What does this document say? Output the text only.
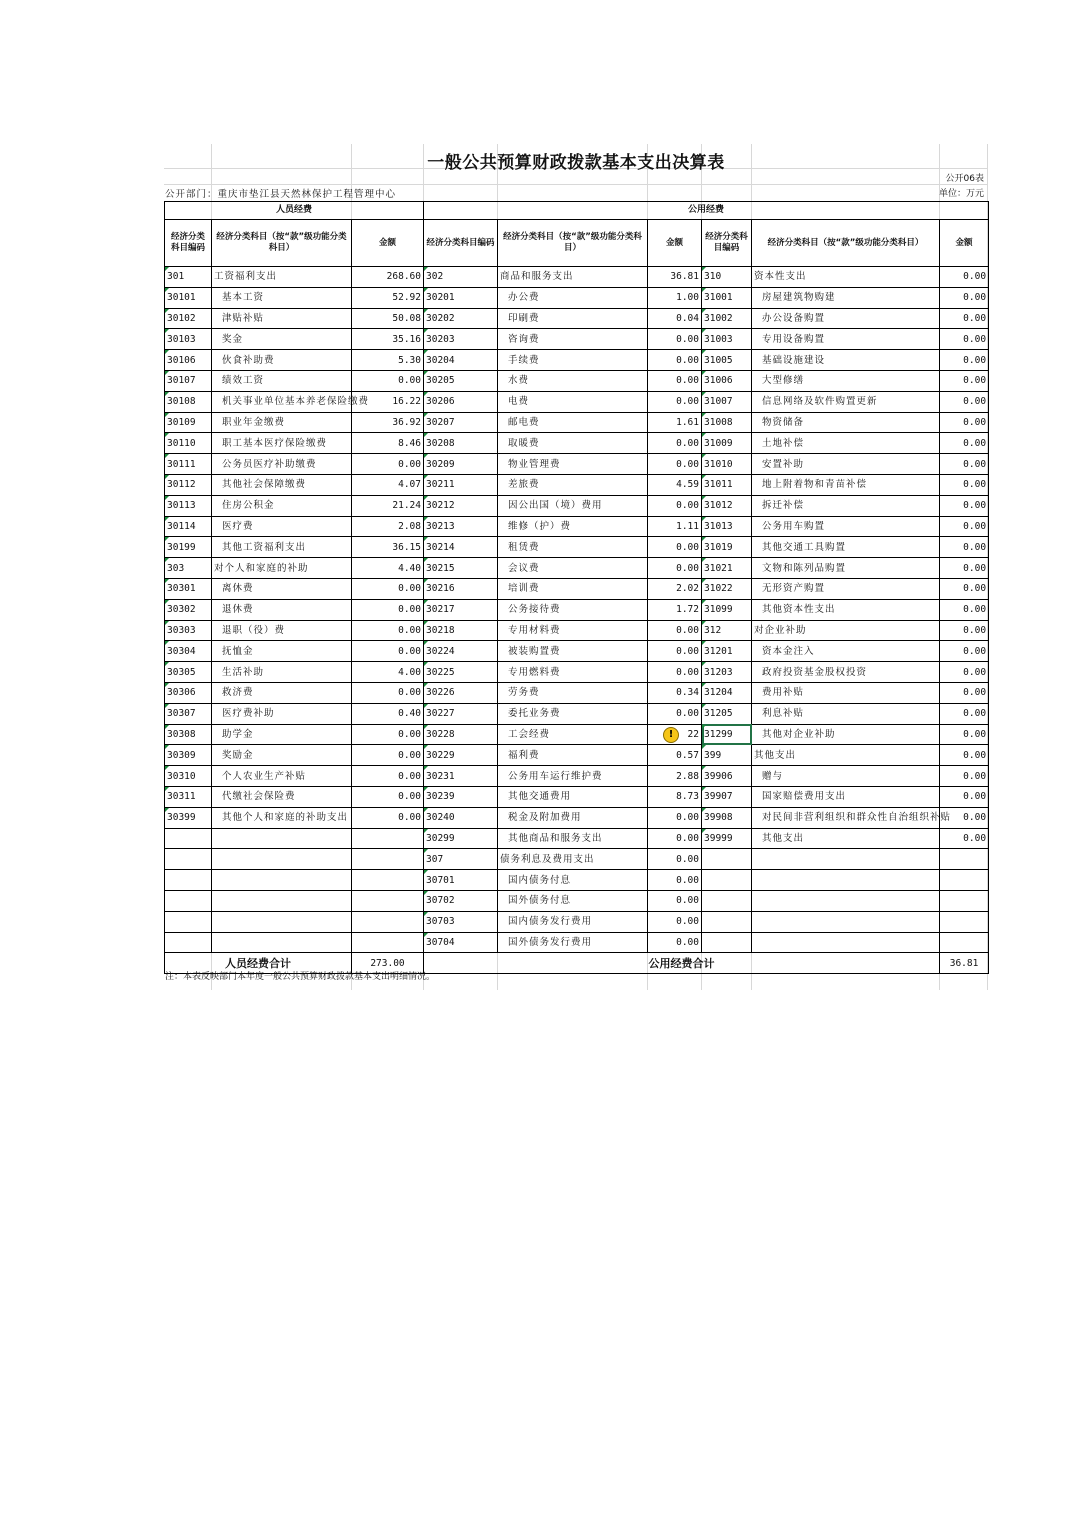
一般公共预算财政拨款基本支出决算表
公开06表
公开部门：重庆市垫江县天然林保护工程管理中心	单位：万元
人员经费			公用经费					
经济分类科目编码	经济分类科目（按“款”级功能分类科目）	金额	经济分类科目编码	经济分类科目（按“款”级功能分类科目）	金额	经济分类科目编码	经济分类科目（按“款”级功能分类科目）	金额
301	工资福利支出	268.60	302	商品和服务支出	36.81	310	资本性支出	0.00
30101	基本工资	52.92	30201	办公费	1.00	31001	房屋建筑物购建	0.00
30102	津贴补贴	50.08	30202	印刷费	0.04	31002	办公设备购置	0.00
30103	奖金	35.16	30203	咨询费	0.00	31003	专用设备购置	0.00
30106	伙食补助费	5.30	30204	手续费	0.00	31005	基础设施建设	0.00
30107	绩效工资	0.00	30205	水费	0.00	31006	大型修缮	0.00
30108	机关事业单位基本养老保险缴费	16.22	30206	电费	0.00	31007	信息网络及软件购置更新	0.00
30109	职业年金缴费	36.92	30207	邮电费	1.61	31008	物资储备	0.00
30110	职工基本医疗保险缴费	8.46	30208	取暖费	0.00	31009	土地补偿	0.00
30111	公务员医疗补助缴费	0.00	30209	物业管理费	0.00	31010	安置补助	0.00
30112	其他社会保障缴费	4.07	30211	差旅费	4.59	31011	地上附着物和青苗补偿	0.00
30113	住房公积金	21.24	30212	因公出国（境）费用	0.00	31012	拆迁补偿	0.00
30114	医疗费	2.08	30213	维修（护）费	1.11	31013	公务用车购置	0.00
30199	其他工资福利支出	36.15	30214	租赁费	0.00	31019	其他交通工具购置	0.00
303	对个人和家庭的补助	4.40	30215	会议费	0.00	31021	文物和陈列品购置	0.00
30301	离休费	0.00	30216	培训费	2.02	31022	无形资产购置	0.00
30302	退休费	0.00	30217	公务接待费	1.72	31099	其他资本性支出	0.00
30303	退职（役）费	0.00	30218	专用材料费	0.00	312	对企业补助	0.00
30304	抚恤金	0.00	30224	被装购置费	0.00	31201	资本金注入	0.00
30305	生活补助	4.00	30225	专用燃料费	0.00	31203	政府投资基金股权投资	0.00
30306	救济费	0.00	30226	劳务费	0.34	31204	费用补贴	0.00
30307	医疗费补助	0.40	30227	委托业务费	0.00	31205	利息补贴	0.00
30308	助学金	0.00	30228	工会经费	22	! 31299	其他对企业补助	0.00
30309	奖励金	0.00	30229	福利费	0.57	399	其他支出	0.00
30310	个人农业生产补贴	0.00	30231	公务用车运行维护费	2.88	39906	赠与	0.00
30311	代缴社会保险费	0.00	30239	其他交通费用	8.73	39907	国家赔偿费用支出	0.00
30399	其他个人和家庭的补助支出	0.00	30240	税金及附加费用	0.00	39908	对民间非营利组织和群众性自治组织补贴	0.00
			30299	其他商品和服务支出	0.00	39999	其他支出	0.00
			307	债务利息及费用支出	0.00			
			30701	国内债务付息	0.00			
			30702	国外债务付息	0.00			
			30703	国内债务发行费用	0.00			
			30704	国外债务发行费用	0.00			
人员经费合计		273.00	公用经费合计					36.81
注：本表反映部门本年度一般公共预算财政拨款基本支出明细情况。
